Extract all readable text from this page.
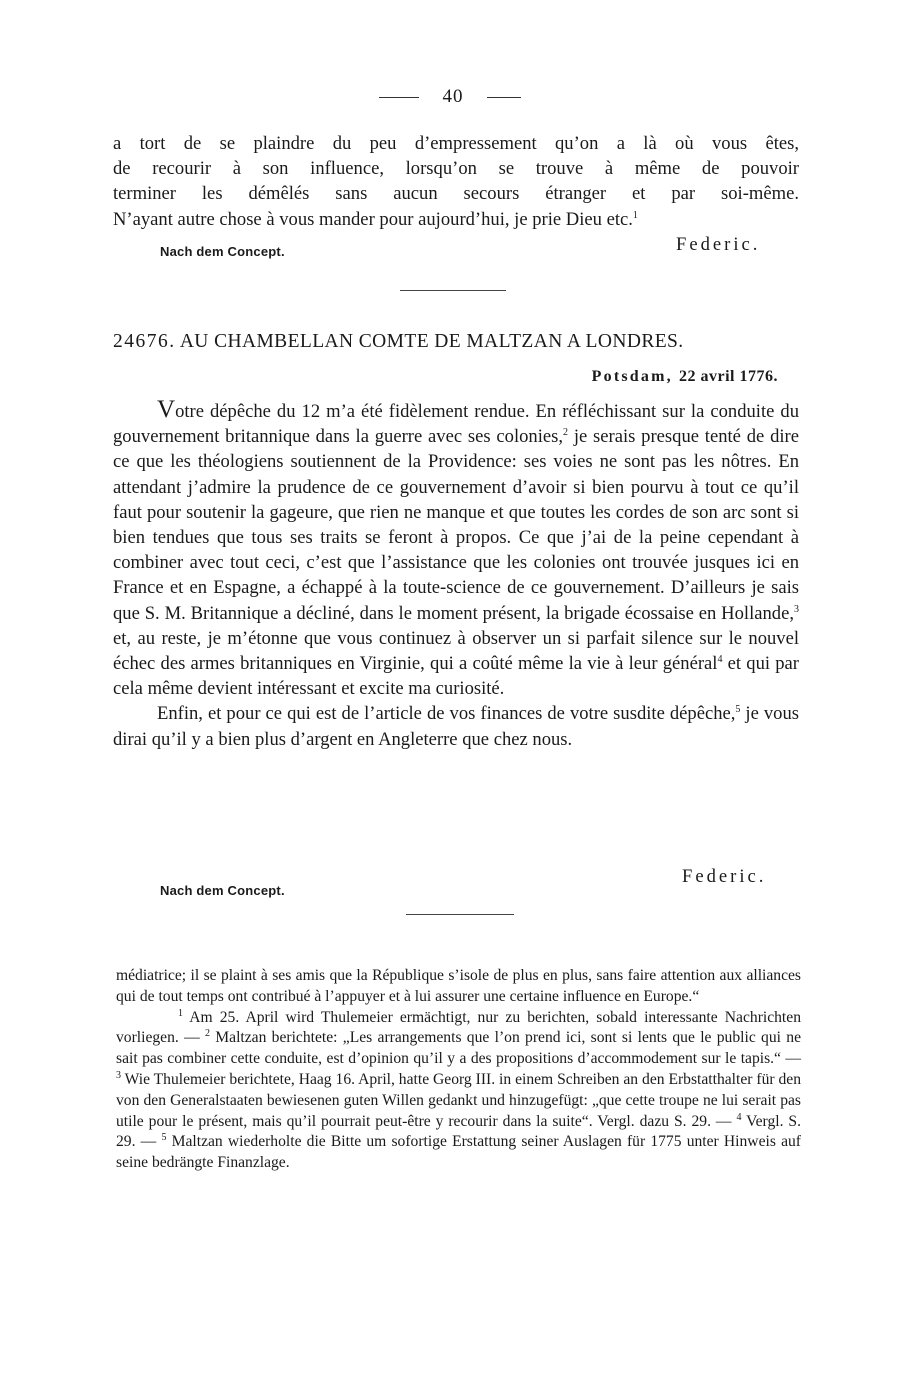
40

a tort de se plaindre du peu d’empressement qu’on a là où vous êtes,

de recourir à son influence, lorsqu’on se trouve à même de pouvoir

terminer les démêlés sans aucun secours étranger et par soi-même.

N’ayant autre chose à vous mander pour aujourd’hui, je prie Dieu etc.$^1$

Nach dem Concept.	Federic.
24676. AU CHAMBELLAN COMTE DE MALTZAN A LONDRES.
Potsdam, 22 avril 1776.

Votre dépêche du 12 m’a été fidèlement rendue. En réfléchissant sur la conduite du gouvernement britannique dans la guerre avec ses colonies,$^2$ je serais presque tenté de dire ce que les théologiens soutiennent de la Providence: ses voies ne sont pas les nôtres. En attendant j’admire la prudence de ce gouvernement d’avoir si bien pourvu à tout ce qu’il faut pour soutenir la gageure, que rien ne manque et que toutes les cordes de son arc sont si bien tendues que tous ses traits se feront à propos. Ce que j’ai de la peine cependant à combiner avec tout ceci, c’est que l’assistance que les colonies ont trouvée jusques ici en France et en Espagne, a échappé à la toute-science de ce gouvernement. D’ailleurs je sais que S. M. Britannique a décliné, dans le moment présent, la brigade écossaise en Hollande,$^3$ et, au reste, je m’étonne que vous continuez à observer un si parfait silence sur le nouvel échec des armes britanniques en Virginie, qui a coûté même la vie à leur général$^4$ et qui par cela même devient intéressant et excite ma curiosité.

Enfin, et pour ce qui est de l’article de vos finances de votre susdite dépêche,$^5$ je vous dirai qu’il y a bien plus d’argent en Angleterre que chez nous.

Nach dem Concept.
Federic.

médiatrice; il se plaint à ses amis que la République s’isole de plus en plus, sans faire attention aux alliances qui de tout temps ont contribué à l’appuyer et à lui assurer une certaine influence en Europe.“

$^1$ Am 25. April wird Thulemeier ermächtigt, nur zu berichten, sobald interessante Nachrichten vorliegen. — $^2$ Maltzan berichtete: „Les arrangements que l’on prend ici, sont si lents que le public qui ne sait pas combiner cette conduite, est d’opinion qu’il y a des propositions d’accommodement sur le tapis.“ — $^3$ Wie Thulemeier berichtete, Haag 16. April, hatte Georg III. in einem Schreiben an den Erbstatthalter für den von den Generalstaaten bewiesenen guten Willen gedankt und hinzugefügt: „que cette troupe ne lui serait pas utile pour le présent, mais qu’il pourrait peut-être y recourir dans la suite“. Vergl. dazu S. 29. — $^4$ Vergl. S. 29. — $^5$ Maltzan wiederholte die Bitte um sofortige Erstattung seiner Auslagen für 1775 unter Hinweis auf seine bedrängte Finanzlage.
